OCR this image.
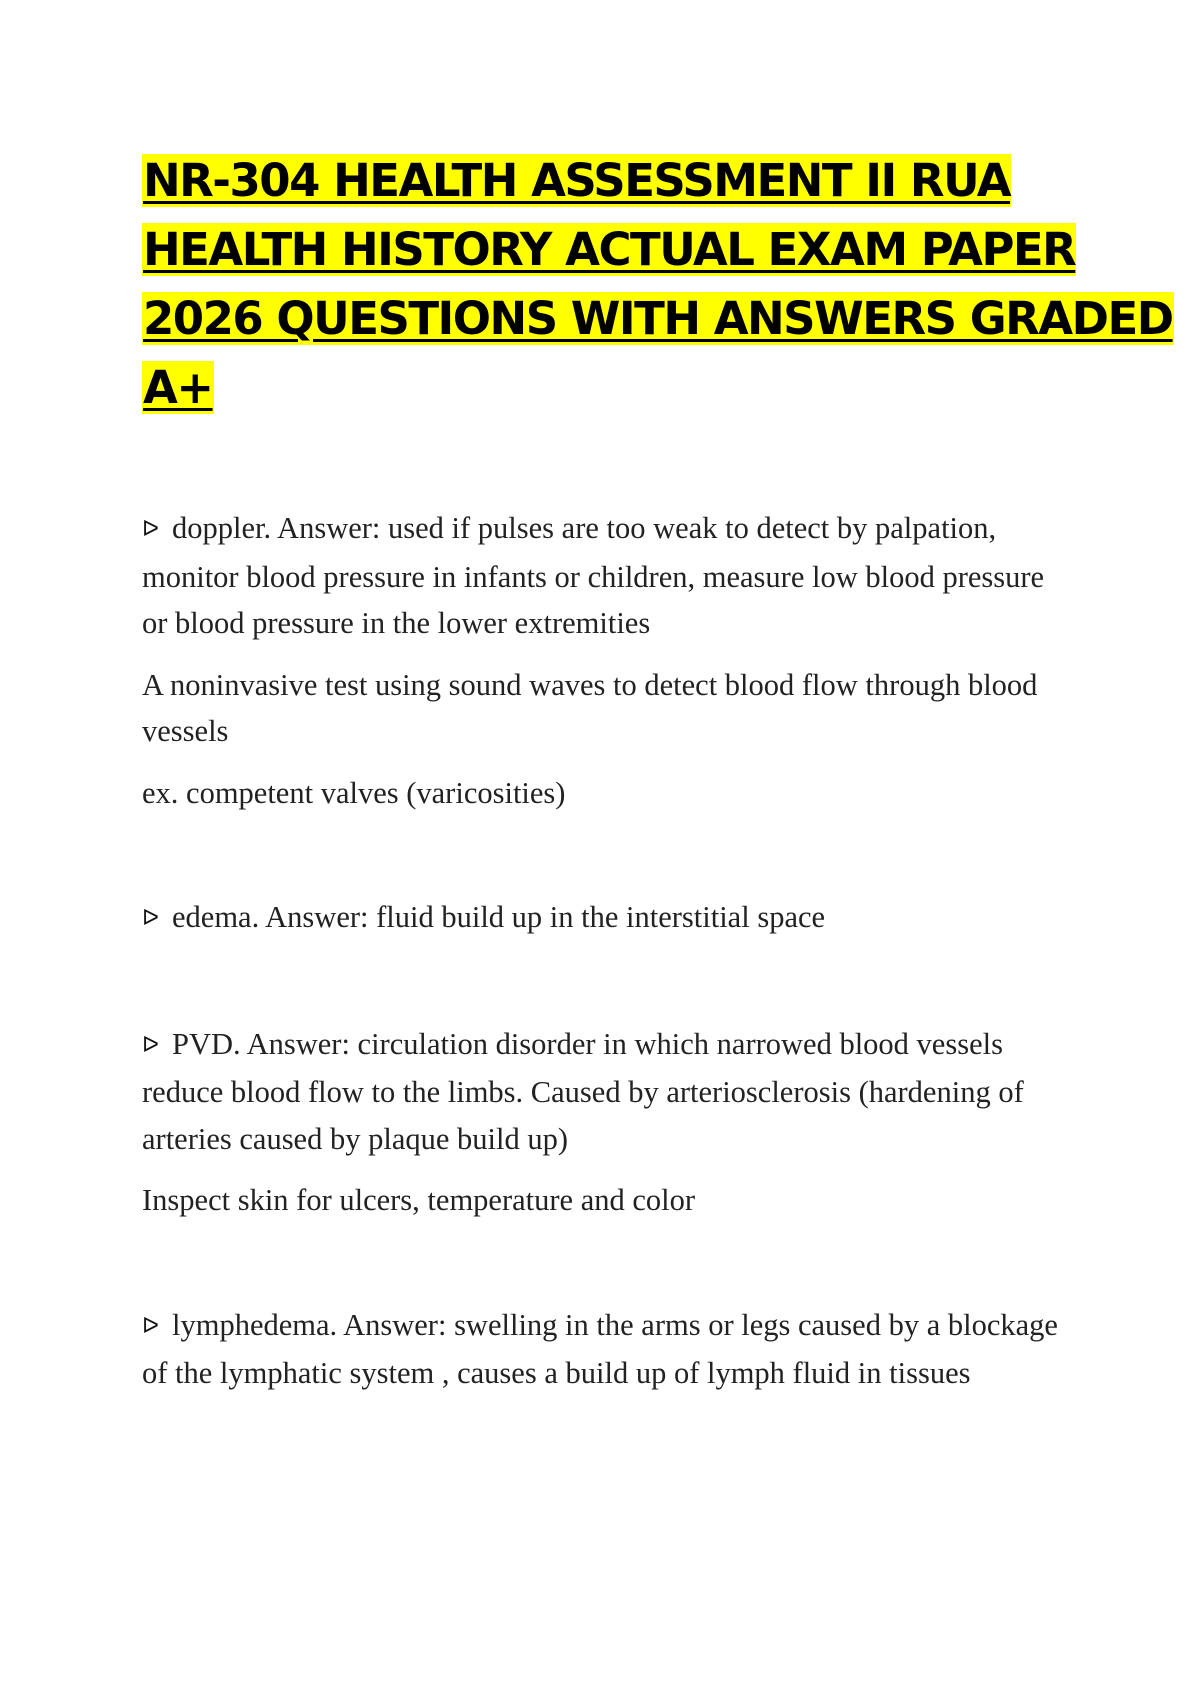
NR-304 HEALTH ASSESSMENT II RUA
HEALTH HISTORY ACTUAL EXAM PAPER
2026 QUESTIONS WITH ANSWERS GRADED
A+

ᐅ doppler. Answer: used if pulses are too weak to detect by palpation, monitor blood pressure in infants or children, measure low blood pressure or blood pressure in the lower extremities

A noninvasive test using sound waves to detect blood flow through blood vessels

ex. competent valves (varicosities)

ᐅ edema. Answer: fluid build up in the interstitial space

ᐅ PVD. Answer: circulation disorder in which narrowed blood vessels reduce blood flow to the limbs. Caused by arteriosclerosis (hardening of arteries caused by plaque build up)

Inspect skin for ulcers, temperature and color

ᐅ lymphedema. Answer: swelling in the arms or legs caused by a blockage of the lymphatic system , causes a build up of lymph fluid in tissues
